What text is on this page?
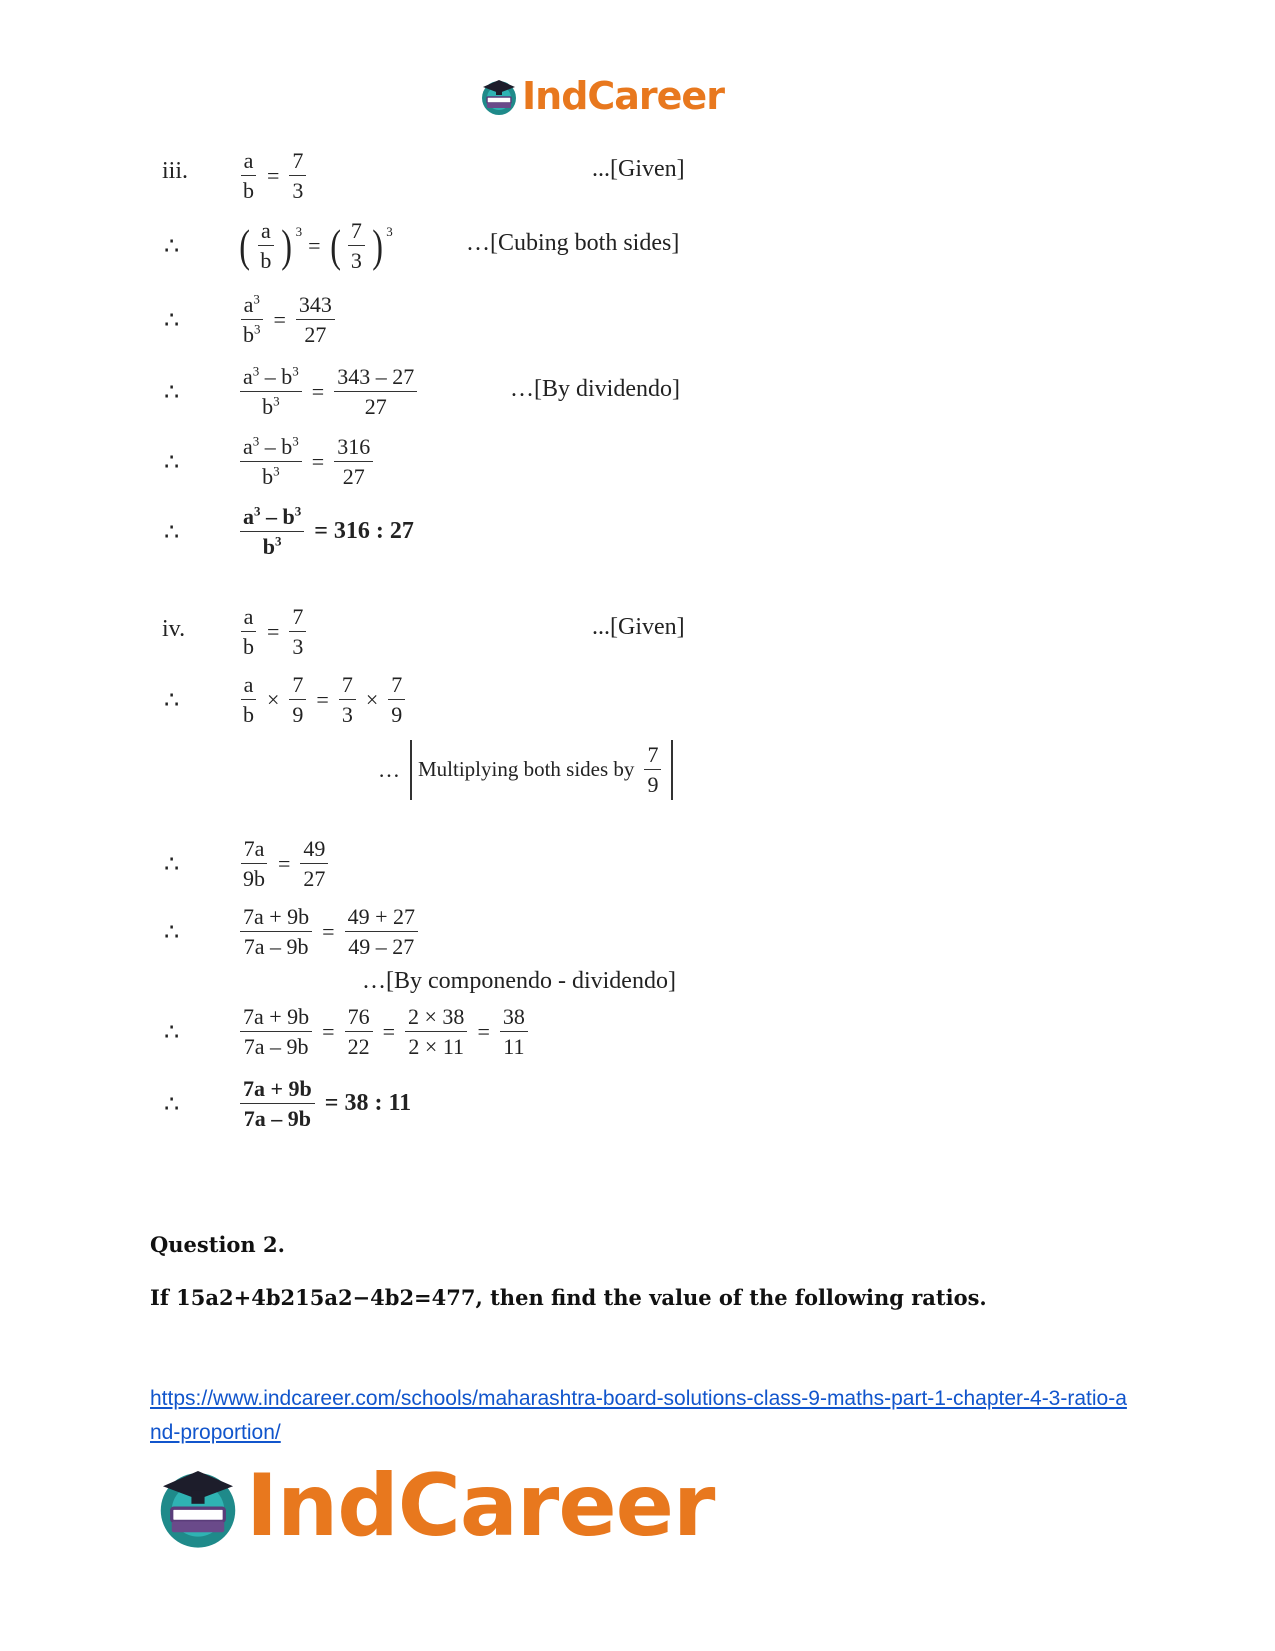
IndCareer
iii. $\frac{a}{b} = \frac{7}{3}$	...[Given]
∴ ( $\frac{a}{b}$ ) 3
= ( $\frac{7}{3}$ ) 3	…[Cubing both sides]
∴	$\frac{a^3}{b^3} = \frac{343}{27}$
∴	$\frac{a^3 - b^3}{b^3} = \frac{343 - 27}{27}$	…[By dividendo]
∴	$\frac{a^3 - b^3}{b^3} = \frac{316}{27}$
∴	$\frac{a^3 - b^3}{b^3} = 316$ : 27
iv. $\frac{a}{b} = \frac{7}{3}$	...[Given]
∴	$\frac{a}{b} \times \frac{7}{9} = \frac{7}{3} \times \frac{7}{9}$
… Multiplying both sides by $\frac{7}{9}$
∴	$\frac{7a}{9b} = \frac{49}{27}$
∴	$\frac{7a + 9b}{7a - 9b} = \frac{49 + 27}{49 - 27}$
…[By componendo - dividendo]
∴	$\frac{7a + 9b}{7a - 9b} = \frac{76}{22} = \frac{2 \times 38}{2 \times 11} = \frac{38}{11}$
∴	$\frac{7a + 9b}{7a - 9b} = 38$ : 11
Question 2.
If 15a2+4b215a2−4b2=477, then find the value of the following ratios.
https://www.indcareer.com/schools/maharashtra-board-solutions-class-9-maths-part-1-chapter-4-3-ratio-and-proportion/
IndCareer
